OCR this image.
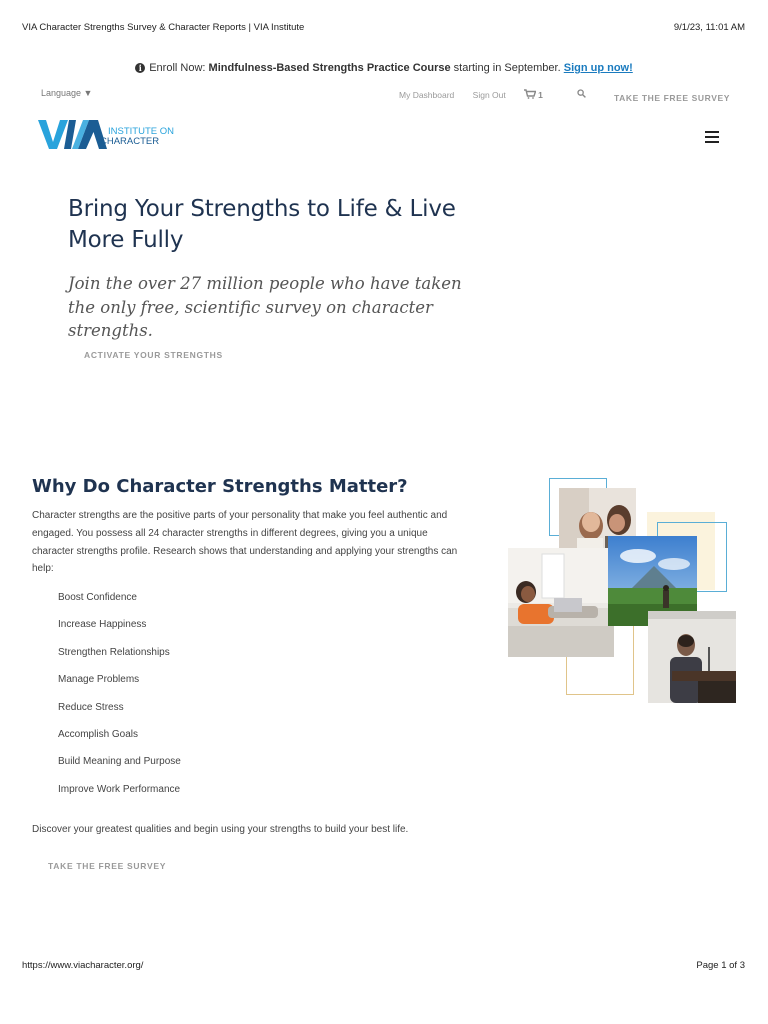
VIA Character Strengths Survey & Character Reports | VIA Institute	9/1/23, 11:01 AM
i Enroll Now: Mindfulness-Based Strengths Practice Course starting in September. Sign up now!
Language ▼	My Dashboard Sign Out	1	TAKE THE FREE SURVEY
INSTITUTE ON
CHARACTER
Bring Your Strengths to Life & Live More Fully

Join the over 27 million people who have taken the only free, scientific survey on character strengths.

ACTIVATE YOUR STRENGTHS
Why Do Character Strengths Matter?

Character strengths are the positive parts of your personality that make you feel authentic and engaged. You possess all 24 character strengths in different degrees, giving you a unique character strengths profile. Research shows that understanding and applying your strengths can help:

Boost Confidence
Increase Happiness
Strengthen Relationships
Manage Problems
Reduce Stress
Accomplish Goals
Build Meaning and Purpose
Improve Work Performance

Discover your greatest qualities and begin using your strengths to build your best life.

TAKE THE FREE SURVEY
https://www.viacharacter.org/	Page 1 of 3
